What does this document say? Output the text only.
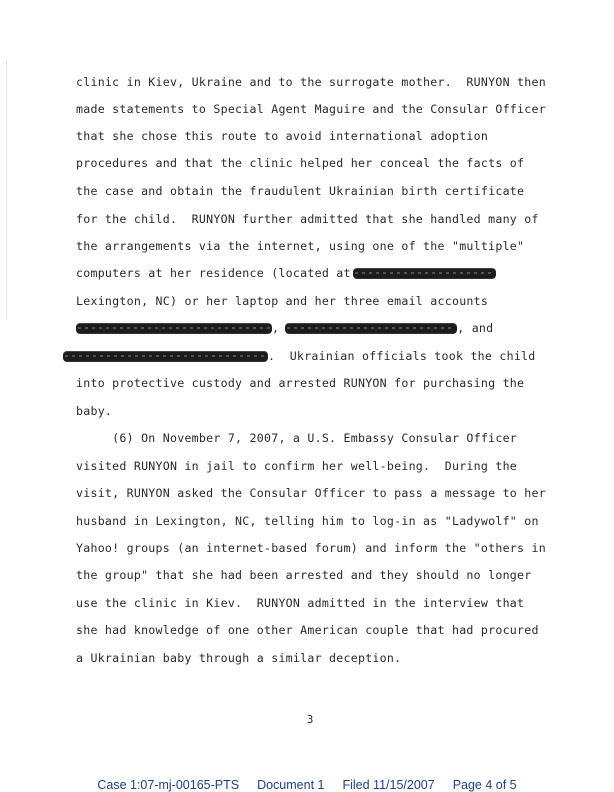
clinic in Kiev, Ukraine and to the surrogate mother.  RUNYON then
made statements to Special Agent Maguire and the Consular Officer
that she chose this route to avoid international adoption
procedures and that the clinic helped her conceal the facts of
the case and obtain the fraudulent Ukrainian birth certificate
for the child.  RUNYON further admitted that she handled many of
the arrangements via the internet, using one of the "multiple"
computers at her residence (located at
Lexington, NC) or her laptop and her three email accounts
,	, and
.  Ukrainian officials took the child
into protective custody and arrested RUNYON for purchasing the
baby.
(6) On November 7, 2007, a U.S. Embassy Consular Officer
visited RUNYON in jail to confirm her well-being.  During the
visit, RUNYON asked the Consular Officer to pass a message to her
husband in Lexington, NC, telling him to log-in as "Ladywolf" on
Yahoo! groups (an internet-based forum) and inform the "others in
the group" that she had been arrested and they should no longer
use the clinic in Kiev.  RUNYON admitted in the interview that
she had knowledge of one other American couple that had procured
a Ukrainian baby through a similar deception.
3
Case 1:07-mj-00165-PTS Document 1 Filed 11/15/2007 Page 4 of 5
